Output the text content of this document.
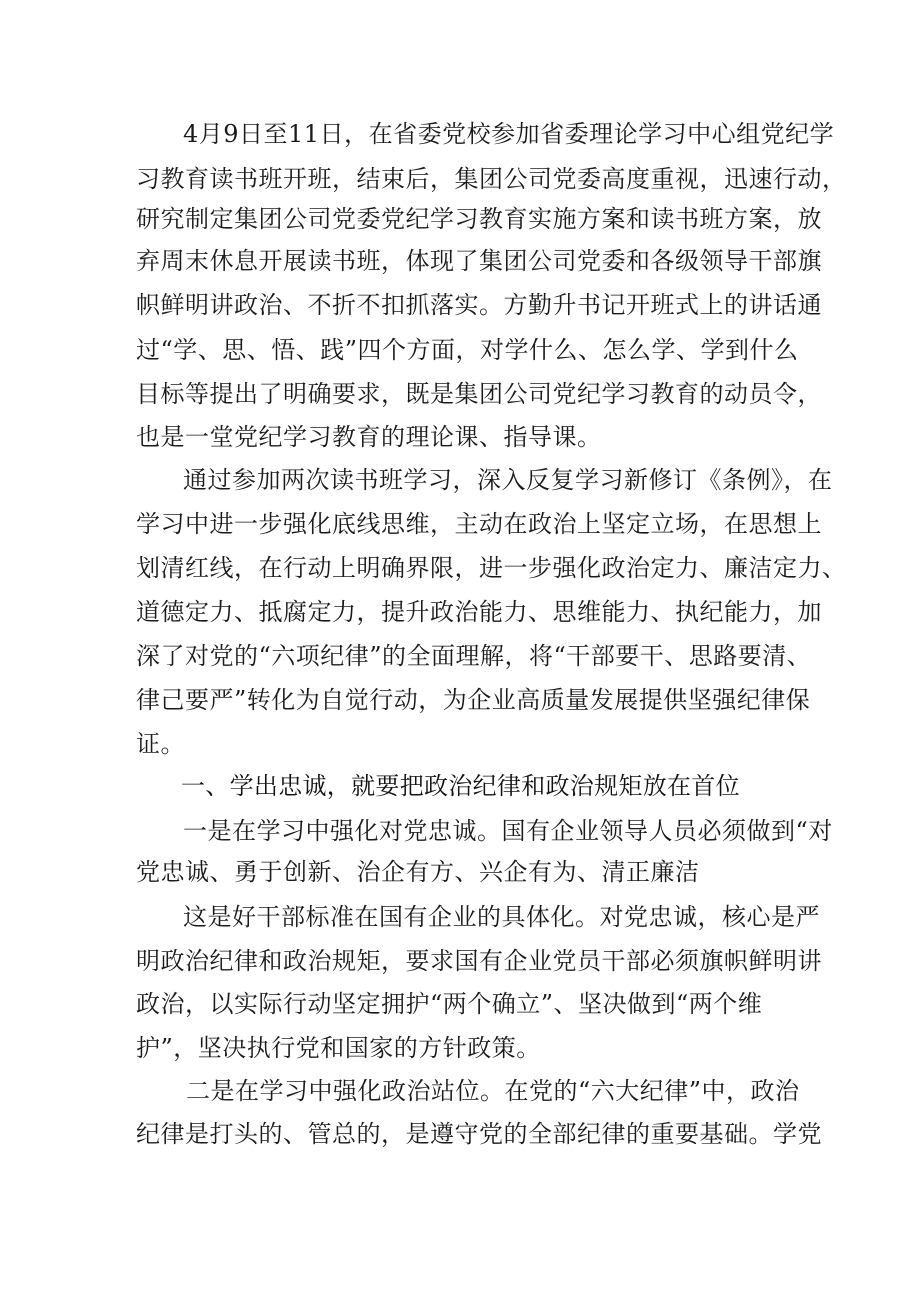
4月9日至11日，在省委党校参加省委理论学习中心组党纪学
习教育读书班开班，结束后，集团公司党委高度重视，迅速行动，
研究制定集团公司党委党纪学习教育实施方案和读书班方案，放
弃周末休息开展读书班，体现了集团公司党委和各级领导干部旗
帜鲜明讲政治、不折不扣抓落实。方勤升书记开班式上的讲话通
过“学、思、悟、践”四个方面，对学什么、怎么学、学到什么
目标等提出了明确要求，既是集团公司党纪学习教育的动员令，
也是一堂党纪学习教育的理论课、指导课。
通过参加两次读书班学习，深入反复学习新修订《条例》，在
学习中进一步强化底线思维，主动在政治上坚定立场，在思想上
划清红线，在行动上明确界限，进一步强化政治定力、廉洁定力、
道德定力、抵腐定力，提升政治能力、思维能力、执纪能力，加
深了对党的“六项纪律”的全面理解，将“干部要干、思路要清、
律己要严”转化为自觉行动，为企业高质量发展提供坚强纪律保
证。
一、学出忠诚，就要把政治纪律和政治规矩放在首位
一是在学习中强化对党忠诚。国有企业领导人员必须做到“对
党忠诚、勇于创新、治企有方、兴企有为、清正廉洁
这是好干部标准在国有企业的具体化。对党忠诚，核心是严
明政治纪律和政治规矩，要求国有企业党员干部必须旗帜鲜明讲
政治，以实际行动坚定拥护“两个确立”、坚决做到“两个维
护”，坚决执行党和国家的方针政策。
二是在学习中强化政治站位。在党的“六大纪律”中，政治
纪律是打头的、管总的，是遵守党的全部纪律的重要基础。学党
